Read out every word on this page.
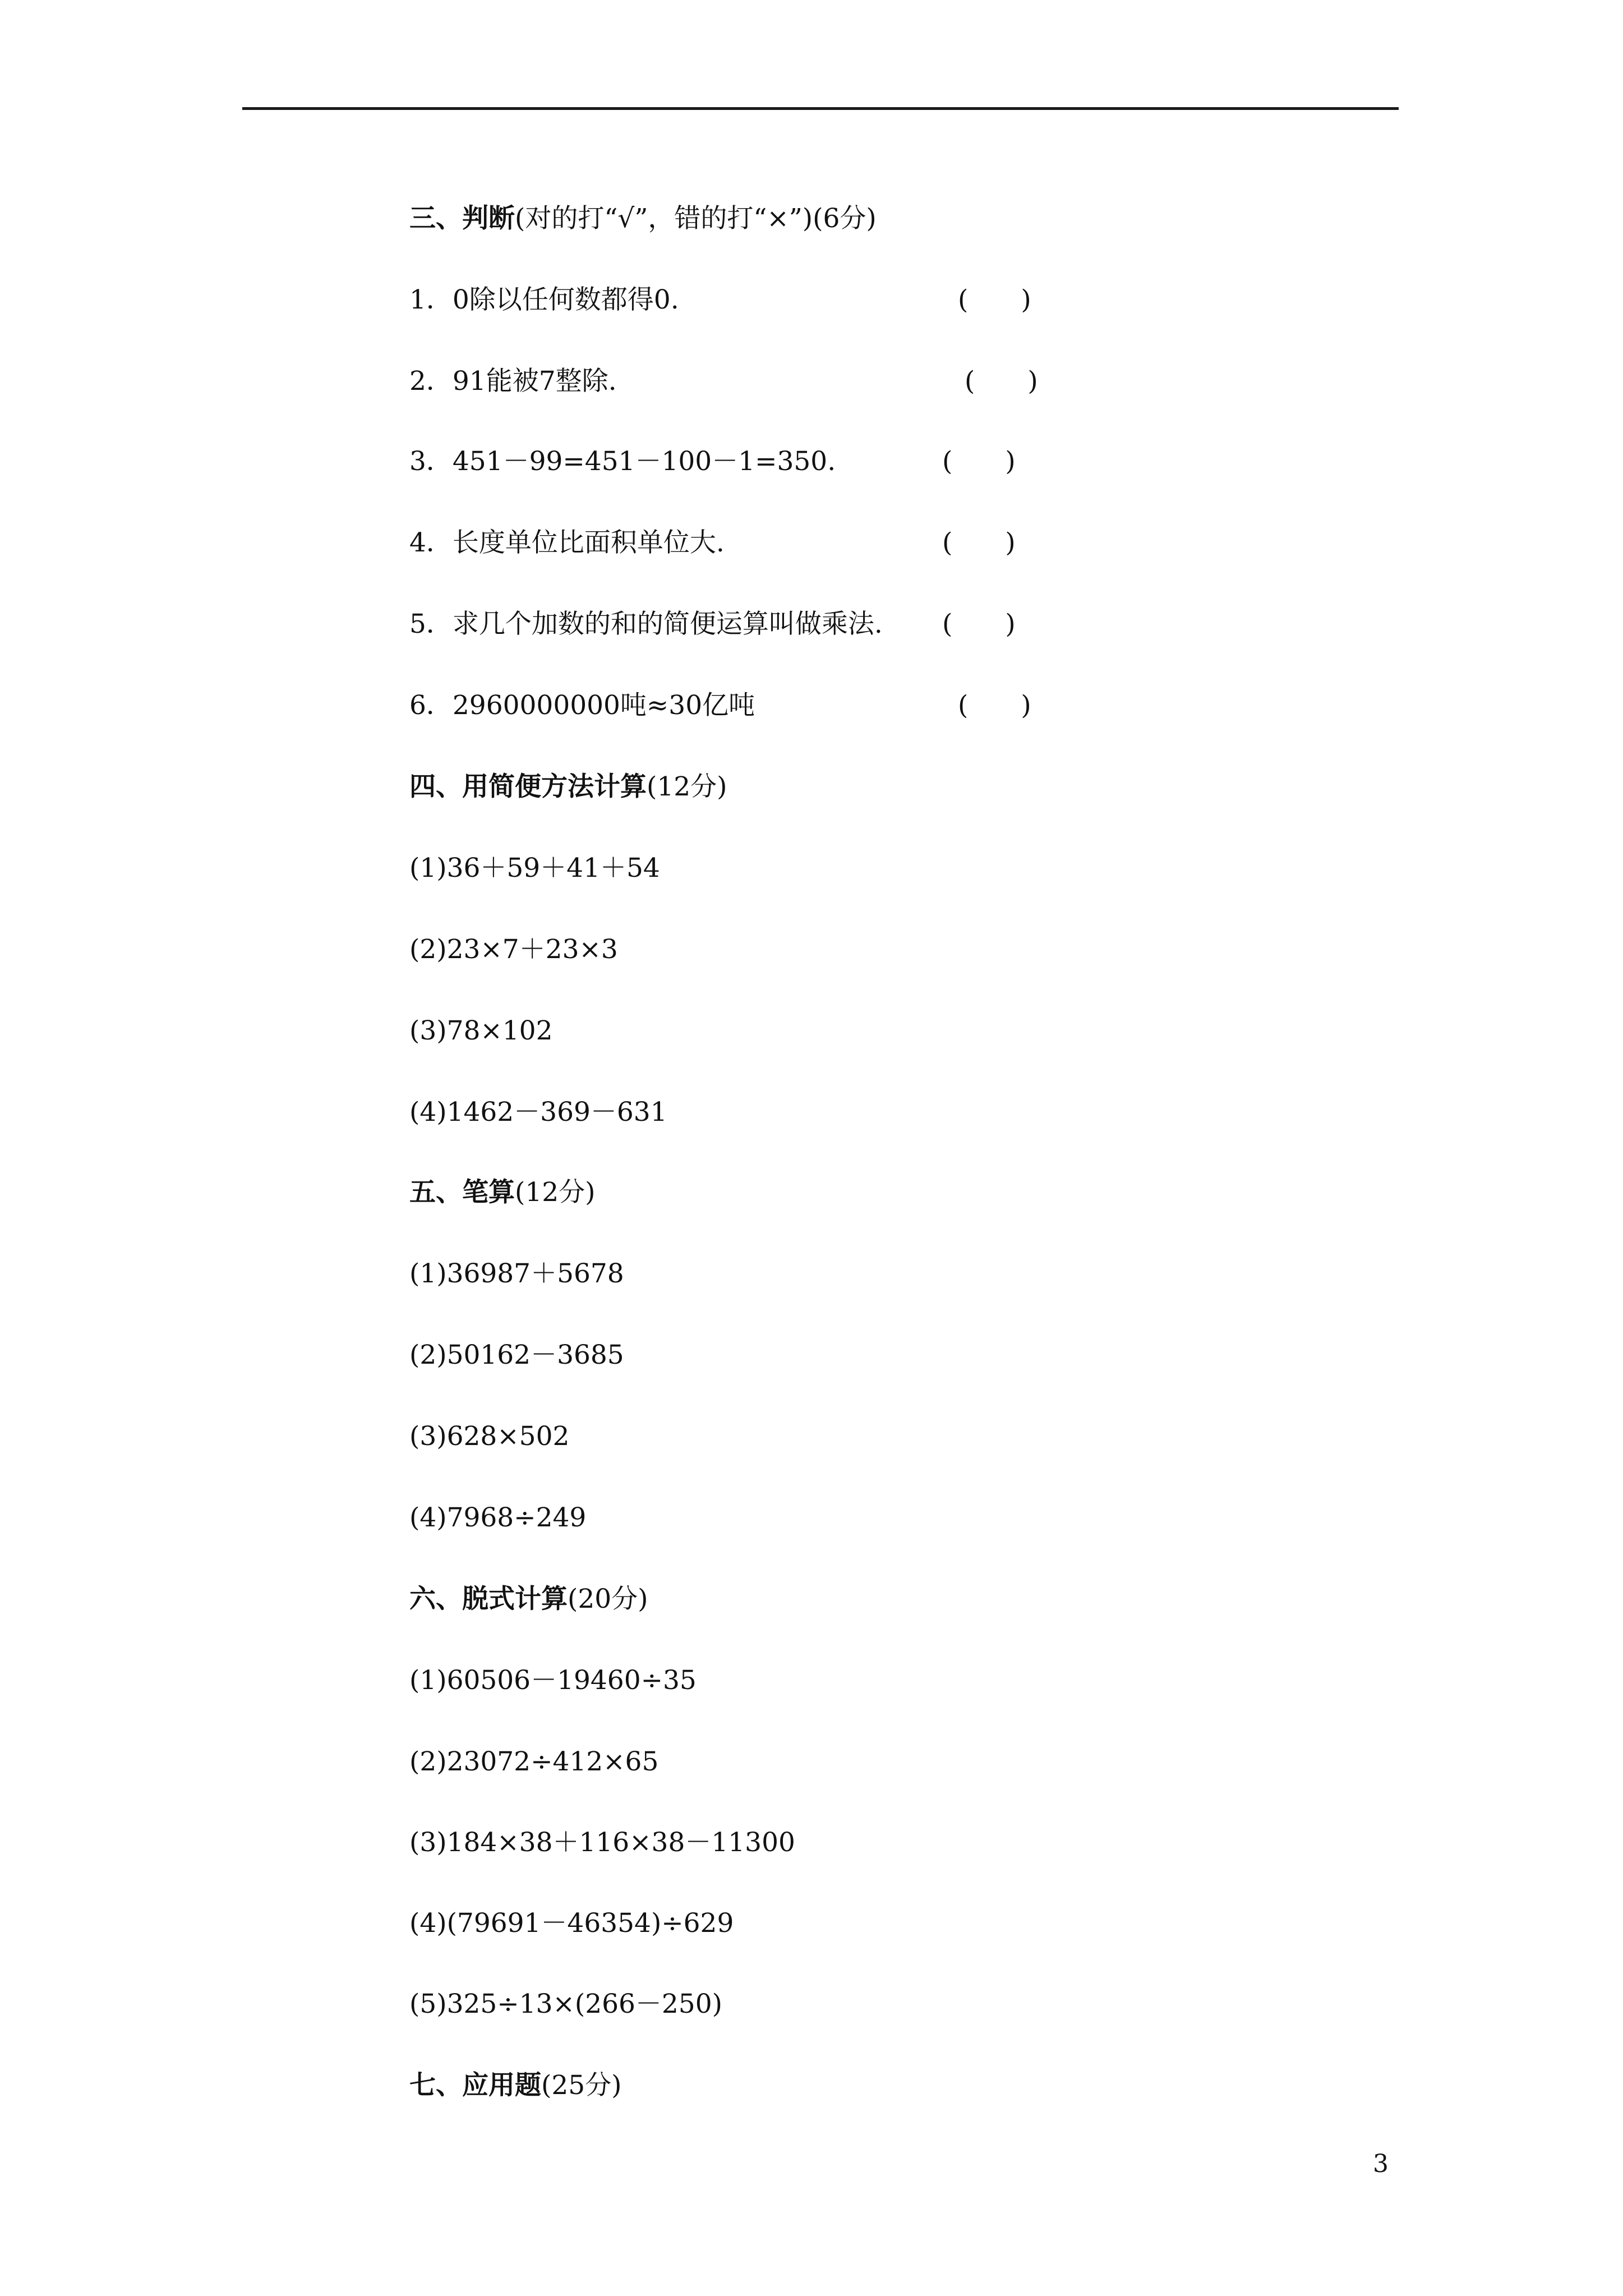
三、判断(对的打“√”，错的打“×”)(6分)
1．0除以任何数都得0.	(　　)
2．91能被7整除.	(　　)
3．451－99=451－100－1=350.	(　　)
4．长度单位比面积单位大.	(　　)
5．求几个加数的和的简便运算叫做乘法. (　　)
6．2960000000吨≈30亿吨	(　　)
四、用简便方法计算(12分)
(1)36＋59＋41＋54
(2)23×7＋23×3
(3)78×102
(4)1462－369－631
五、笔算(12分)
(1)36987＋5678
(2)50162－3685
(3)628×502
(4)7968÷249
六、脱式计算(20分)
(1)60506－19460÷35
(2)23072÷412×65
(3)184×38＋116×38－11300
(4)(79691－46354)÷629
(5)325÷13×(266－250)
七、应用题(25分)
3
